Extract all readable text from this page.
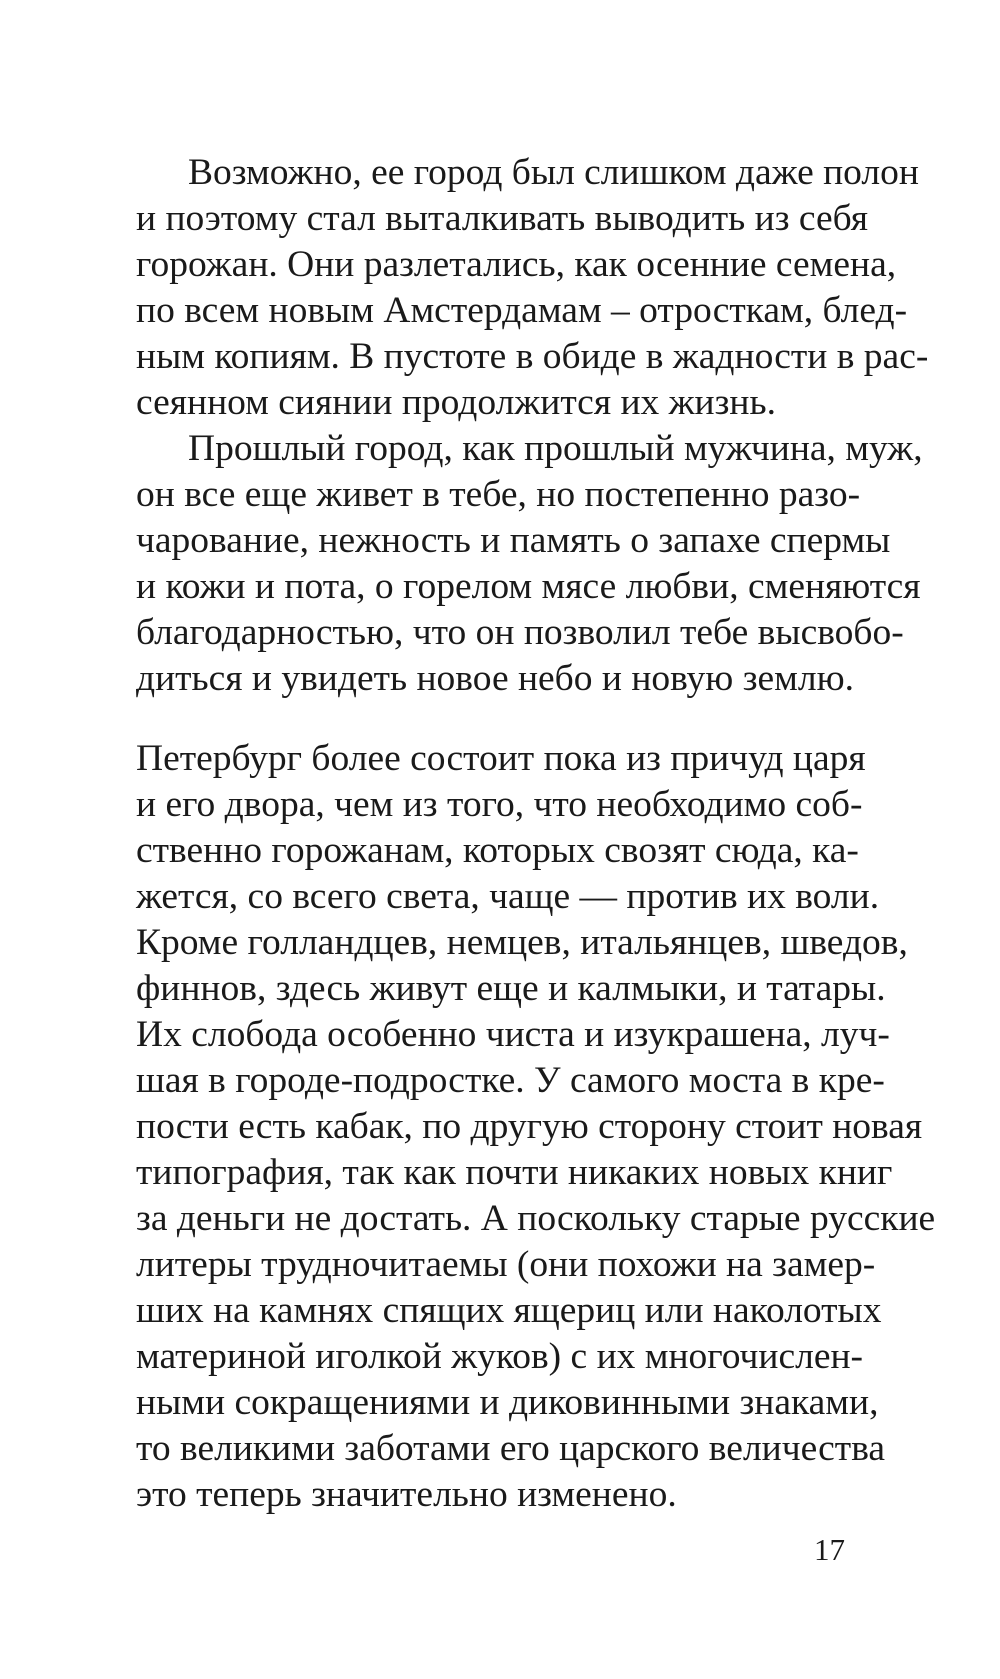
Возможно, ее город был слишком даже полон
и поэтому стал выталкивать выводить из себя
горожан. Они разлетались, как осенние семена,
по всем новым Амстердамам – отросткам, блед-
ным копиям. В пустоте в обиде в жадности в рас-
сеянном сиянии продолжится их жизнь.
Прошлый город, как прошлый мужчина, муж,
он все еще живет в тебе, но постепенно разо-
чарование, нежность и память о запахе спермы
и кожи и пота, о горелом мясе любви, сменяются
благодарностью, что он позволил тебе высвобо-
диться и увидеть новое небо и новую землю.
Петербург более состоит пока из причуд царя
и его двора, чем из того, что необходимо соб-
ственно горожанам, которых свозят сюда, ка-
жется, со всего света, чаще — против их воли.
Кроме голландцев, немцев, итальянцев, шведов,
финнов, здесь живут еще и калмыки, и татары.
Их слобода особенно чиста и изукрашена, луч-
шая в городе-подростке. У самого моста в кре-
пости есть кабак, по другую сторону стоит новая
типография, так как почти никаких новых книг
за деньги не достать. А поскольку старые русские
литеры трудночитаемы (они похожи на замер-
ших на камнях спящих ящериц или наколотых
материной иголкой жуков) с их многочислен-
ными сокращениями и диковинными знаками,
то великими заботами его царского величества
это теперь значительно изменено.
17
